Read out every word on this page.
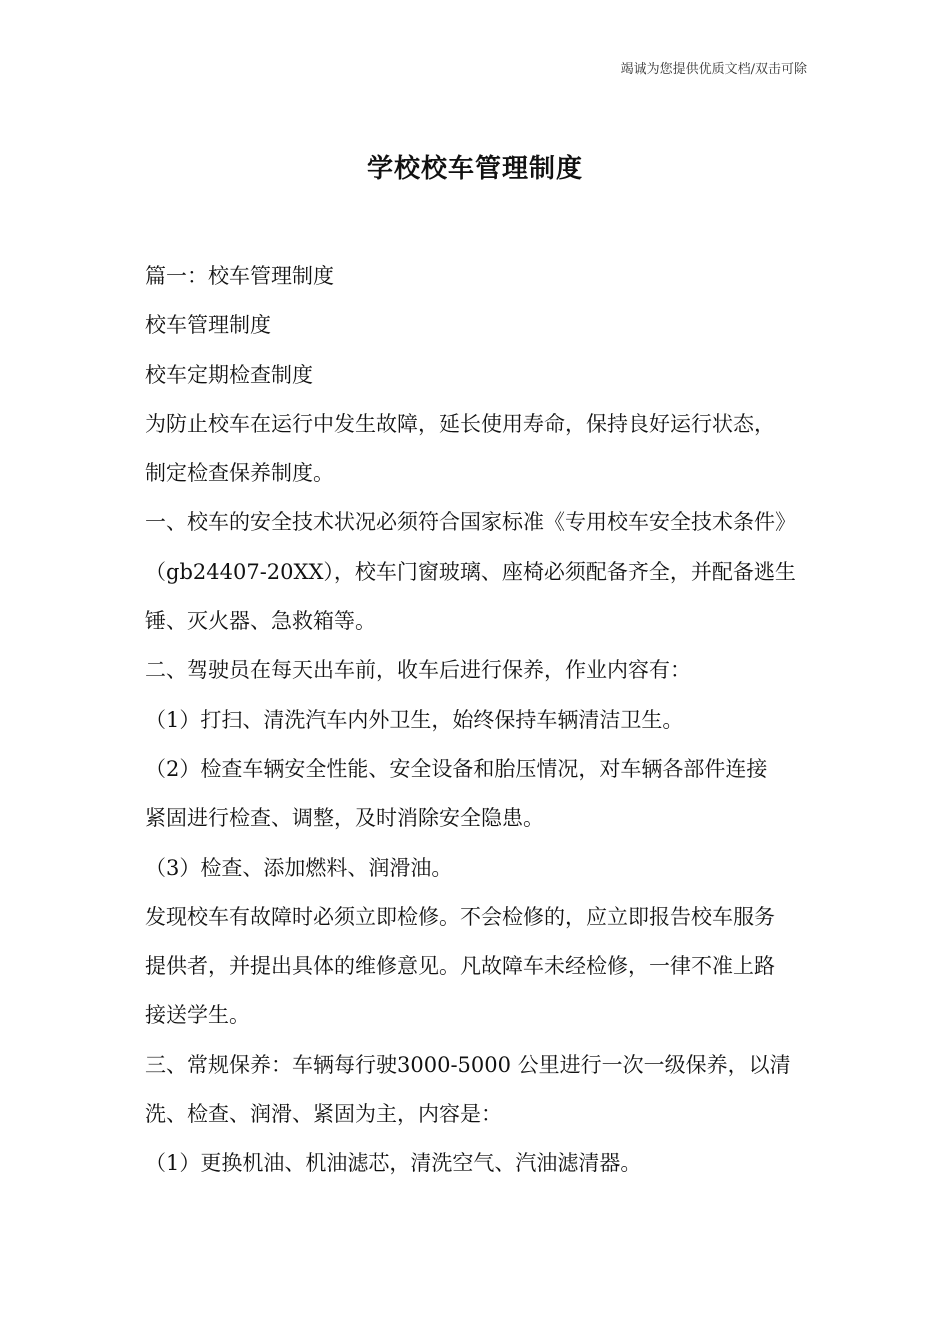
竭诚为您提供优质文档/双击可除
学校校车管理制度

篇一：校车管理制度

校车管理制度

校车定期检查制度

为防止校车在运行中发生故障，延长使用寿命，保持良好运行状态，

制定检查保养制度。

一、校车的安全技术状况必须符合国家标准《专用校车安全技术条件》

（gb24407-20XX），校车门窗玻璃、座椅必须配备齐全，并配备逃生

锤、灭火器、急救箱等。

二、驾驶员在每天出车前，收车后进行保养，作业内容有：

（1）打扫、清洗汽车内外卫生，始终保持车辆清洁卫生。

（2）检查车辆安全性能、安全设备和胎压情况，对车辆各部件连接

紧固进行检查、调整，及时消除安全隐患。

（3）检查、添加燃料、润滑油。

发现校车有故障时必须立即检修。不会检修的，应立即报告校车服务

提供者，并提出具体的维修意见。凡故障车未经检修，一律不准上路

接送学生。

三、常规保养：车辆每行驶3000-5000 公里进行一次一级保养，以清

洗、检查、润滑、紧固为主，内容是：

（1）更换机油、机油滤芯，清洗空气、汽油滤清器。
